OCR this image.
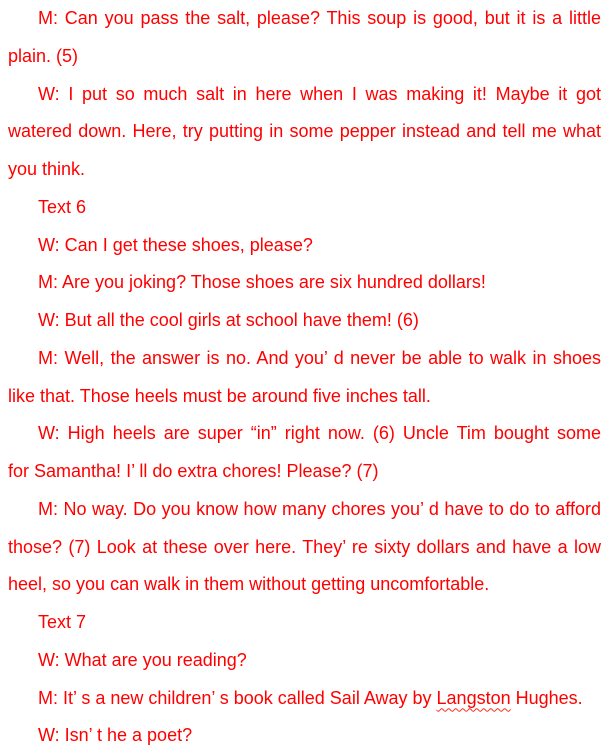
M: Can you pass the salt, please? This soup is good, but it is a little
plain. (5)
W: I put so much salt in here when I was making it! Maybe it got
watered down. Here, try putting in some pepper instead and tell me what
you think.
Text 6
W: Can I get these shoes, please?
M: Are you joking? Those shoes are six hundred dollars!
W: But all the cool girls at school have them! (6)
M: Well, the answer is no. And you’ d never be able to walk in shoes
like that. Those heels must be around five inches tall.
W: High heels are super “in” right now. (6) Uncle Tim bought some
for Samantha! I’ ll do extra chores! Please? (7)
M: No way. Do you know how many chores you’ d have to do to afford
those? (7) Look at these over here. They’ re sixty dollars and have a low
heel, so you can walk in them without getting uncomfortable.
Text 7
W: What are you reading?
M: It’ s a new children’ s book called Sail Away by Langston Hughes.
W: Isn’ t he a poet?
